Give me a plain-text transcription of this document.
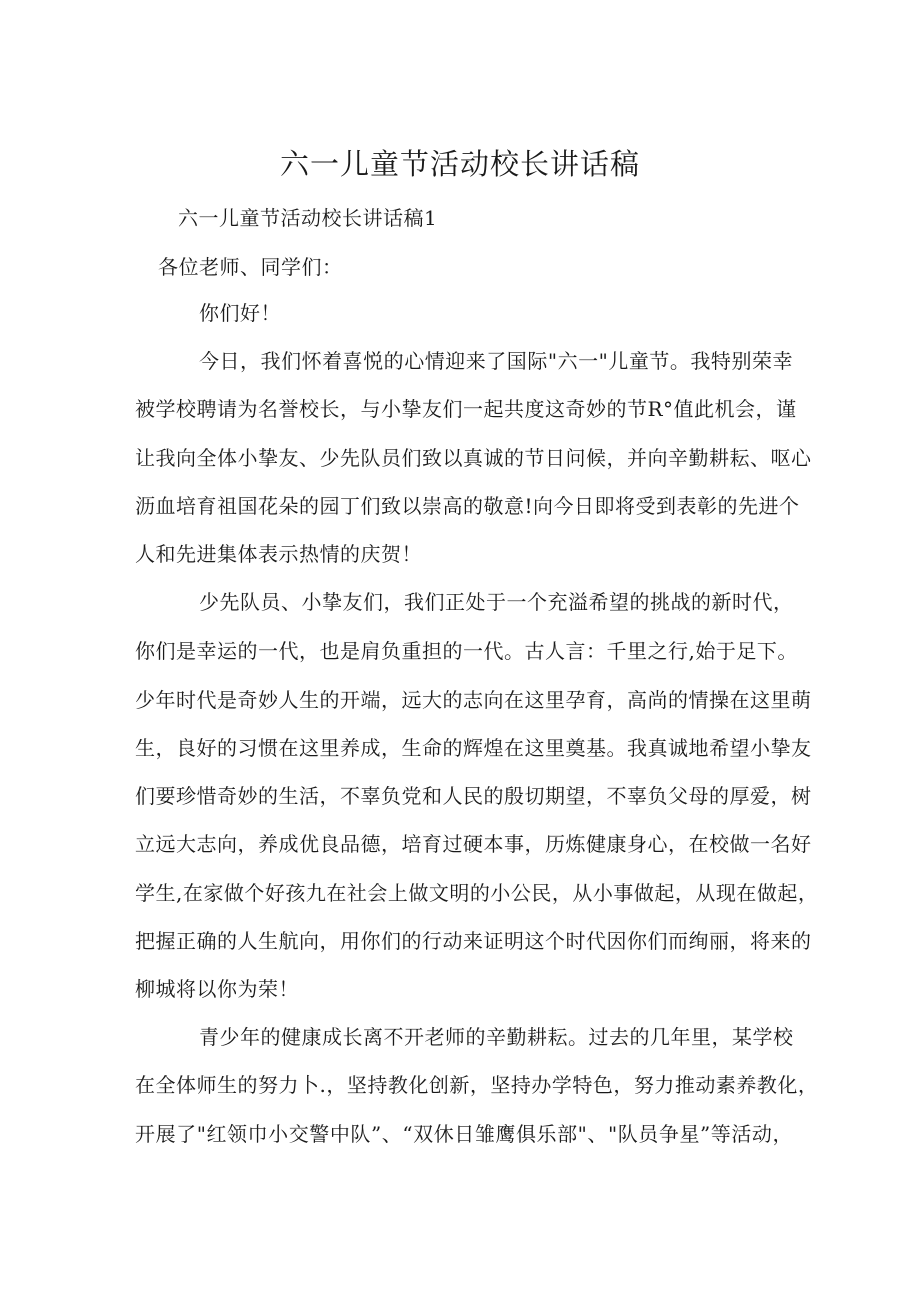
六一儿童节活动校长讲话稿
六一儿童节活动校长讲话稿1
各位老师、同学们：
你们好！
今日，我们怀着喜悦的心情迎来了国际"六一"儿童节。我特别荣幸
被学校聘请为名誉校长，与小挚友们一起共度这奇妙的节R°值此机会，谨
让我向全体小挚友、少先队员们致以真诚的节日问候，并向辛勤耕耘、呕心
沥血培育祖国花朵的园丁们致以崇高的敬意!向今日即将受到表彰的先进个
人和先进集体表示热情的庆贺！
少先队员、小挚友们，我们正处于一个充溢希望的挑战的新时代，
你们是幸运的一代，也是肩负重担的一代。古人言：千里之行,始于足下。
少年时代是奇妙人生的开端，远大的志向在这里孕育，高尚的情操在这里萌
生，良好的习惯在这里养成，生命的辉煌在这里奠基。我真诚地希望小挚友
们要珍惜奇妙的生活，不辜负党和人民的殷切期望，不辜负父母的厚爱，树
立远大志向，养成优良品德，培育过硬本事，历炼健康身心，在校做一名好
学生,在家做个好孩九在社会上做文明的小公民，从小事做起，从现在做起，
把握正确的人生航向，用你们的行动来证明这个时代因你们而绚丽，将来的
柳城将以你为荣！
青少年的健康成长离不开老师的辛勤耕耘。过去的几年里，某学校
在全体师生的努力卜.，坚持教化创新，坚持办学特色，努力推动素养教化，
开展了"红领巾小交警中队”、“双休日雏鹰俱乐部"、"队员争星”等活动，
